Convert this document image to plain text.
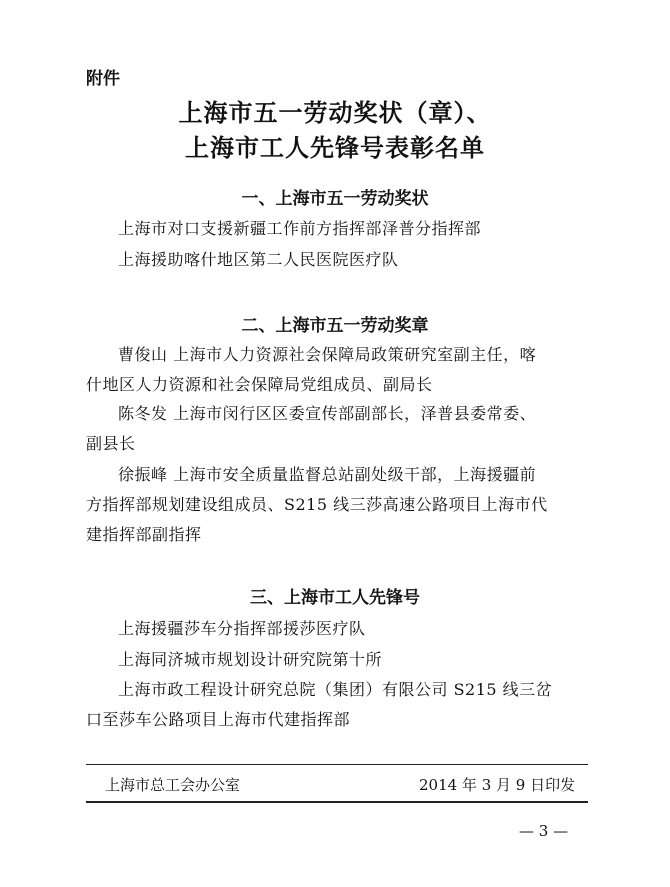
附件
上海市五一劳动奖状（章）、
上海市工人先锋号表彰名单
一、上海市五一劳动奖状
上海市对口支援新疆工作前方指挥部泽普分指挥部
上海援助喀什地区第二人民医院医疗队
二、上海市五一劳动奖章
曹俊山 上海市人力资源社会保障局政策研究室副主任，喀
什地区人力资源和社会保障局党组成员、副局长
陈冬发 上海市闵行区区委宣传部副部长，泽普县委常委、
副县长
徐振峰 上海市安全质量监督总站副处级干部，上海援疆前
方指挥部规划建设组成员、S215 线三莎高速公路项目上海市代
建指挥部副指挥
三、上海市工人先锋号
上海援疆莎车分指挥部援莎医疗队
上海同济城市规划设计研究院第十所
上海市政工程设计研究总院（集团）有限公司 S215 线三岔
口至莎车公路项目上海市代建指挥部
上海市总工会办公室	2014 年 3 月 9 日印发
— 3 —
